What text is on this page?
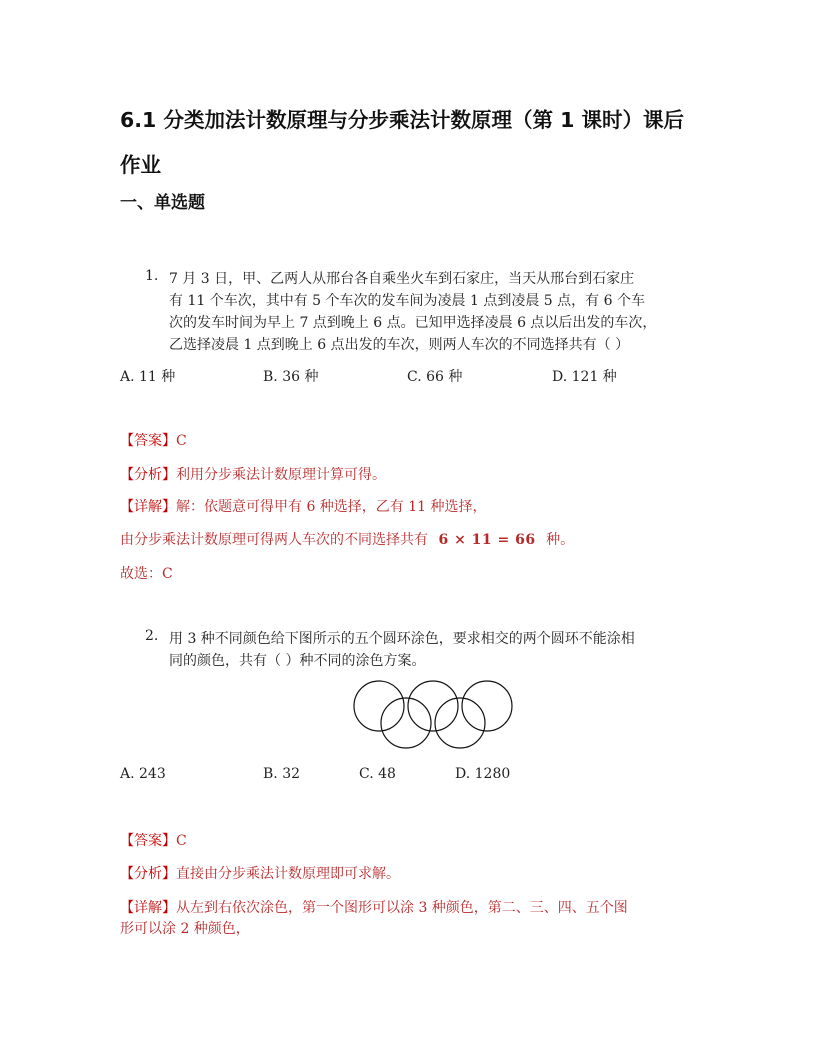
6.1 分类加法计数原理与分步乘法计数原理（第 1 课时）课后
作业
一、单选题
1. 7 月 3 日，甲、乙两人从邢台各自乘坐火车到石家庄，当天从邢台到石家庄
有 11 个车次，其中有 5 个车次的发车间为凌晨 1 点到凌晨 5 点，有 6 个车
次的发车时间为早上 7 点到晚上 6 点。已知甲选择凌晨 6 点以后出发的车次，
乙选择凌晨 1 点到晚上 6 点出发的车次，则两人车次的不同选择共有（ ）
A. 11 种	B. 36 种	C. 66 种	D. 121 种
【答案】C
【分析】利用分步乘法计数原理计算可得。
【详解】解：依题意可得甲有 6 种选择，乙有 11 种选择，
由分步乘法计数原理可得两人车次的不同选择共有 6 × 11 = 66 种。
故选：C
2. 用 3 种不同颜色给下图所示的五个圆环涂色，要求相交的两个圆环不能涂相
同的颜色，共有（ ）种不同的涂色方案。
A. 243	B. 32	C. 48	D. 1280
【答案】C
【分析】直接由分步乘法计数原理即可求解。
【详解】从左到右依次涂色，第一个图形可以涂 3 种颜色，第二、三、四、五个图
形可以涂 2 种颜色，
